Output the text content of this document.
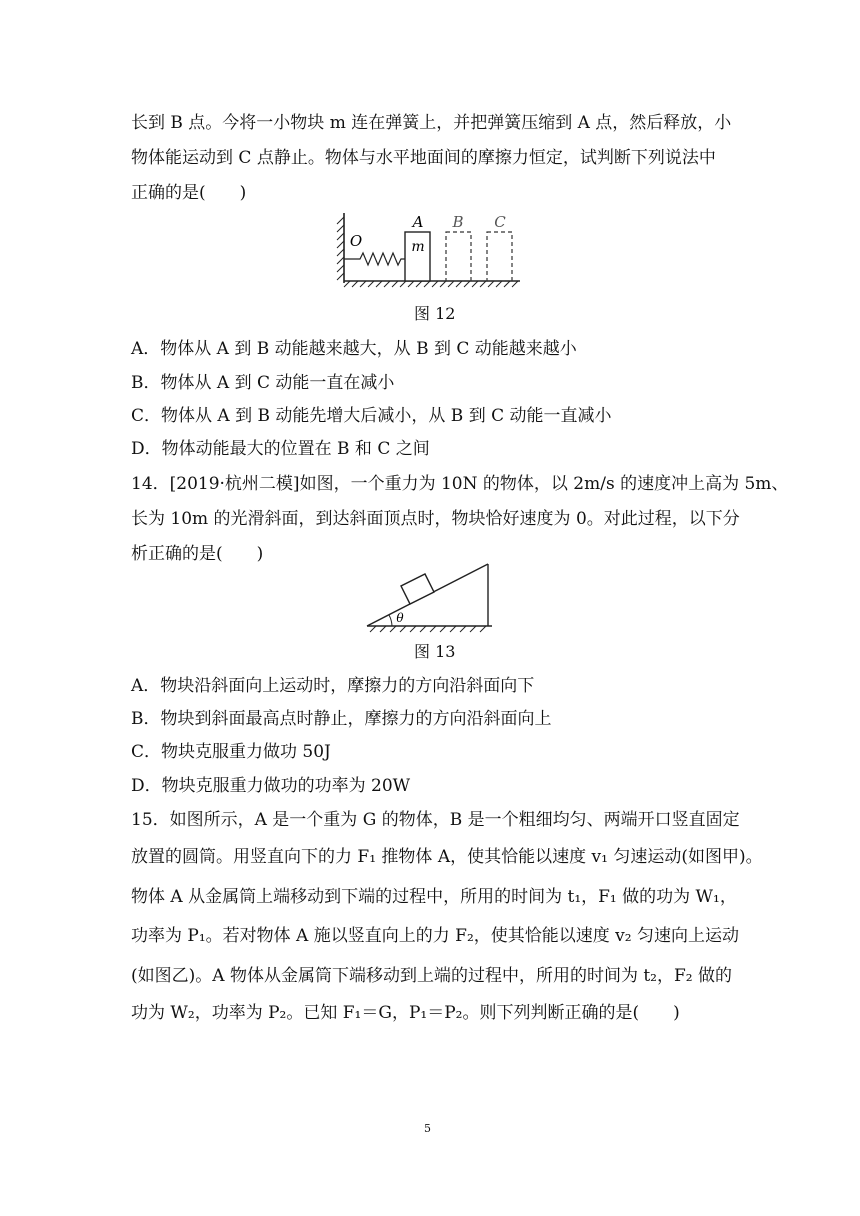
长到 B 点。今将一小物块 m 连在弹簧上，并把弹簧压缩到 A 点，然后释放，小
物体能运动到 C 点静止。物体与水平地面间的摩擦力恒定，试判断下列说法中
正确的是(　　)
O
A B C
m
图 12
A．物体从 A 到 B 动能越来越大，从 B 到 C 动能越来越小
B．物体从 A 到 C 动能一直在减小
C．物体从 A 到 B 动能先增大后减小，从 B 到 C 动能一直减小
D．物体动能最大的位置在 B 和 C 之间
14．[2019·杭州二模]如图，一个重力为 10N 的物体，以 2m/s 的速度冲上高为 5m、
长为 10m 的光滑斜面，到达斜面顶点时，物块恰好速度为 0。对此过程，以下分
析正确的是(　　)
θ
图 13
A．物块沿斜面向上运动时，摩擦力的方向沿斜面向下
B．物块到斜面最高点时静止，摩擦力的方向沿斜面向上
C．物块克服重力做功 50J
D．物块克服重力做功的功率为 20W
15．如图所示，A 是一个重为 G 的物体，B 是一个粗细均匀、两端开口竖直固定
放置的圆筒。用竖直向下的力 F₁ 推物体 A，使其恰能以速度 v₁ 匀速运动(如图甲)。
物体 A 从金属筒上端移动到下端的过程中，所用的时间为 t₁，F₁ 做的功为 W₁，
功率为 P₁。若对物体 A 施以竖直向上的力 F₂，使其恰能以速度 v₂ 匀速向上运动
(如图乙)。A 物体从金属筒下端移动到上端的过程中，所用的时间为 t₂，F₂ 做的
功为 W₂，功率为 P₂。已知 F₁＝G，P₁＝P₂。则下列判断正确的是(　　)
5
